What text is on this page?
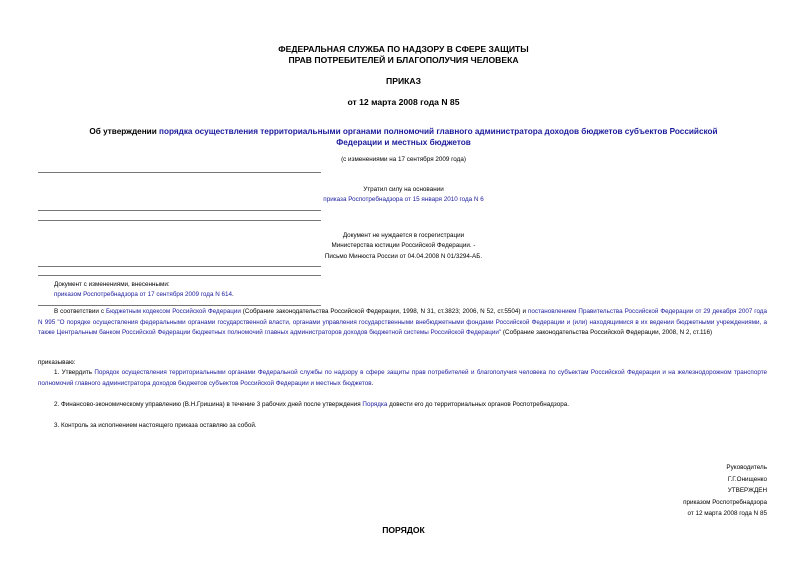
ФЕДЕРАЛЬНАЯ СЛУЖБА ПО НАДЗОРУ В СФЕРЕ ЗАЩИТЫ
ПРАВ ПОТРЕБИТЕЛЕЙ И БЛАГОПОЛУЧИЯ ЧЕЛОВЕКА
ПРИКАЗ
от 12 марта 2008 года N 85
Об утверждении порядка осуществления территориальными органами полномочий главного администратора доходов бюджетов субъектов Российской
Федерации и местных бюджетов
(с изменениями на 17 сентября 2009 года)
Утратил силу на основании
приказа Роспотребнадзора от 15 января 2010 года N 6
Документ не нуждается в госрегистрации
Министерства юстиции Российской Федерации. -
Письмо Минюста России от 04.04.2008 N 01/3294-АБ.
Документ с изменениями, внесенными:
приказом Роспотребнадзора от 17 сентября 2009 года N 614.
В соответствии с Бюджетным кодексом Российской Федерации (Собрание законодательства Российской Федерации, 1998, N 31, ст.3823; 2006, N 52, ст.5504) и постановлением Правительства Российской Федерации от 29 декабря 2007 года N 995 "О порядке осуществления федеральными органами государственной власти, органами управления государственными внебюджетными фондами Российской Федерации и (или) находящимися в их ведении бюджетными учреждениями, а также Центральным банком Российской Федерации бюджетных полномочий главных администраторов доходов бюджетной системы Российской Федерации" (Собрание законодательства Российской Федерации, 2008, N 2, ст.116)
приказываю:
1. Утвердить Порядок осуществления территориальными органами Федеральной службы по надзору в сфере защиты прав потребителей и благополучия человека по субъектам Российской Федерации и на железнодорожном транспорте полномочий главного администратора доходов бюджетов субъектов Российской Федерации и местных бюджетов.
2. Финансово-экономическому управлению (В.Н.Гришина) в течение 3 рабочих дней после утверждения Порядка довести его до территориальных органов Роспотребнадзора.
3. Контроль за исполнением настоящего приказа оставляю за собой.
Руководитель
Г.Г.Онищенко
УТВЕРЖДЕН
приказом Роспотребнадзора
от 12 марта 2008 года N 85
ПОРЯДОК
